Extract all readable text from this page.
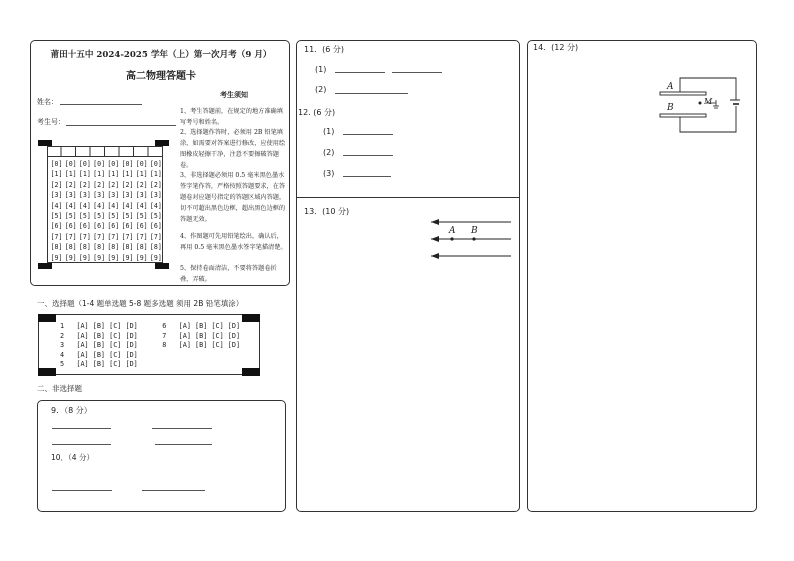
莆田十五中 2024-2025 学年（上）第一次月考（9 月）
高二物理答题卡
姓名：
考生号：
[0]
[1]
[2]
[3]
[4]
[5]
[6]
[7]
[8]
[9]
[0]
[1]
[2]
[3]
[4]
[5]
[6]
[7]
[8]
[9]
[0]
[1]
[2]
[3]
[4]
[5]
[6]
[7]
[8]
[9]
[0]
[1]
[2]
[3]
[4]
[5]
[6]
[7]
[8]
[9]
[0]
[1]
[2]
[3]
[4]
[5]
[6]
[7]
[8]
[9]
[0]
[1]
[2]
[3]
[4]
[5]
[6]
[7]
[8]
[9]
[0]
[1]
[2]
[3]
[4]
[5]
[6]
[7]
[8]
[9]
[0]
[1]
[2]
[3]
[4]
[5]
[6]
[7]
[8]
[9]
考生须知
1、考生答题前，在规定的地方准确填写考号和姓名。
2、选择题作答时，必须用 2B 铅笔填涂，如需要对答案进行修改，应使用绘图橡皮轻擦干净，注意不要擦破答题卷。
3、非选择题必须用 0.5 毫米黑色墨水签字笔作答，严格按照答题要求，在答题卷对应题号指定的答题区域内答题，切不可超出黑色边框，超出黑色边框的答题无效。
4、作图题可先用铅笔绘出，确认后，再用 0.5 毫米黑色墨水签字笔描清楚。
5、保持卷面清洁，不要将答题卷折叠，弄破。
一、选择题（1-4 题单选题 5-8 题多选题 须用 2B 铅笔填涂）
1   [A] [B] [C] [D]      6   [A] [B] [C] [D]
2   [A] [B] [C] [D]      7   [A] [B] [C] [D]
3   [A] [B] [C] [D]      8   [A] [B] [C] [D]
4   [A] [B] [C] [D]
5   [A] [B] [C] [D]
二、非选择题
9．（8 分）
10．（4 分）
11．(6 分)
(1)
(2)
12. (6 分)
(1)
(2)
(3)
13．(10 分)
A B
14．(12 分)
A
B
M
